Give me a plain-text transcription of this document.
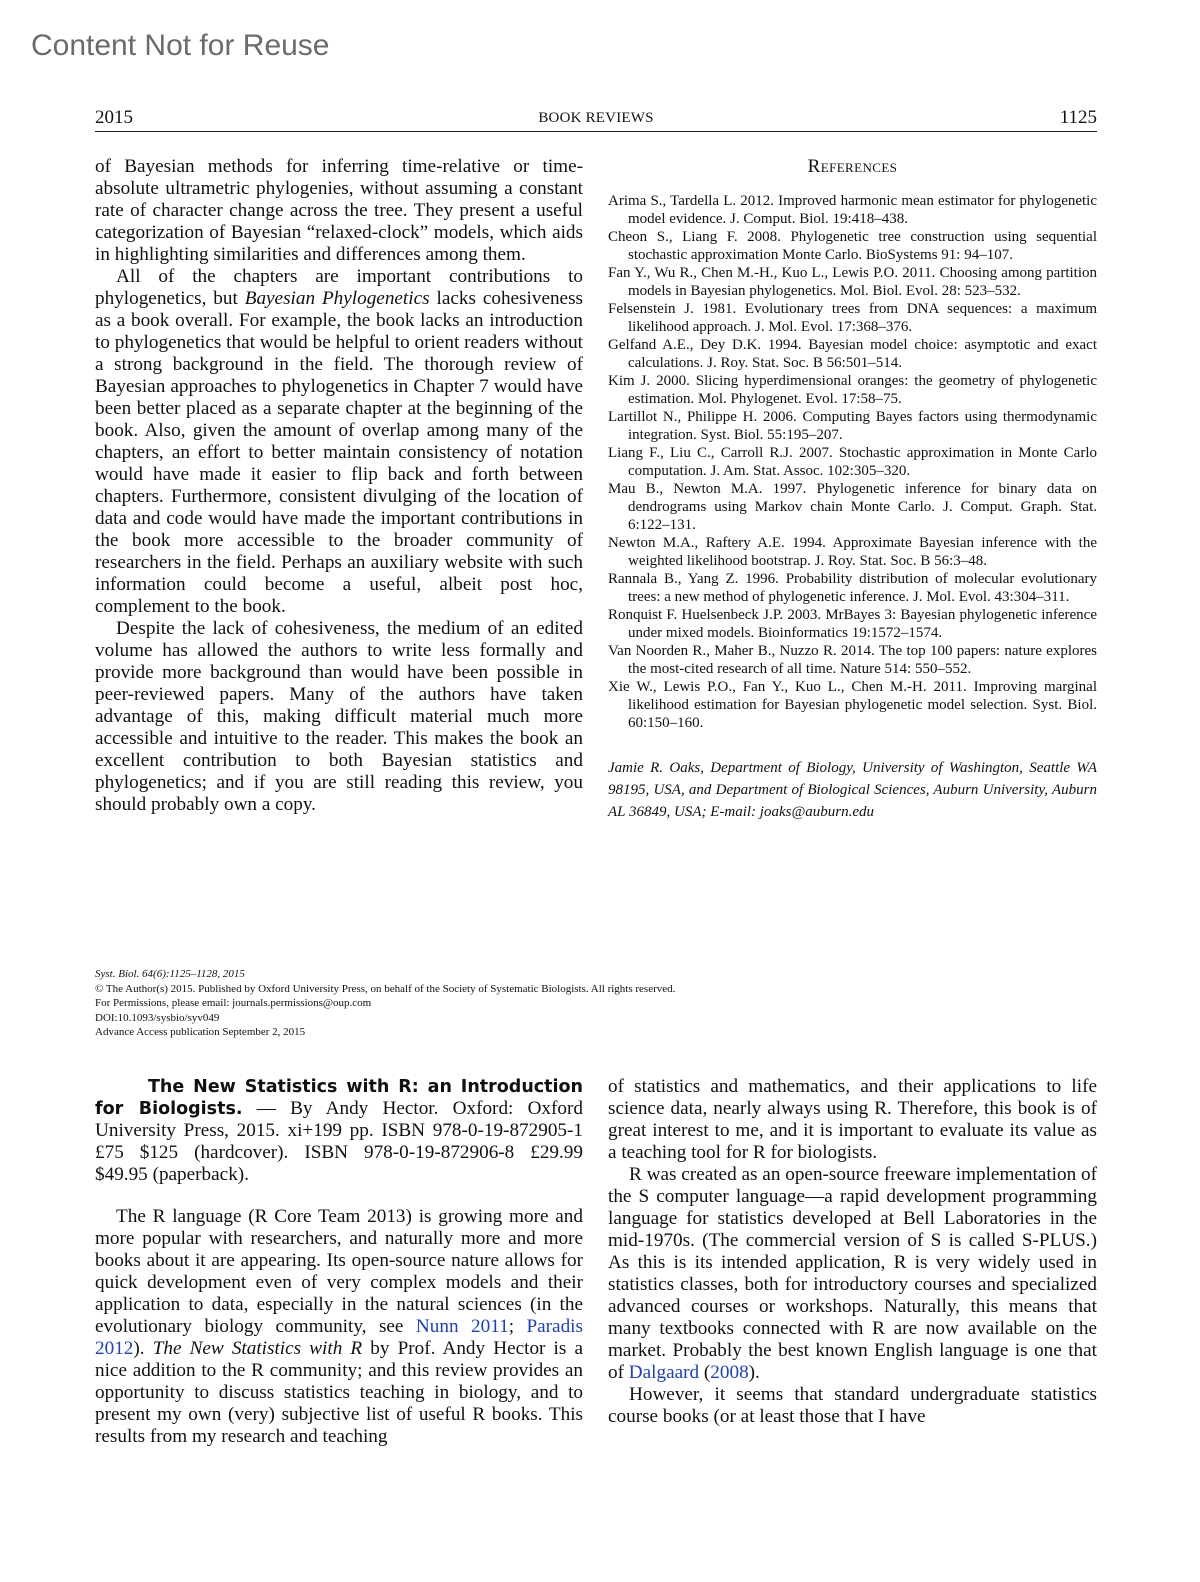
Content Not for Reuse
2015	BOOK REVIEWS	1125

of Bayesian methods for inferring time-relative or time-absolute ultrametric phylogenies, without assuming a constant rate of character change across the tree. They present a useful categorization of Bayesian “relaxed-clock” models, which aids in highlighting similarities and differences among them.

All of the chapters are important contributions to phylogenetics, but Bayesian Phylogenetics lacks cohesiveness as a book overall. For example, the book lacks an introduction to phylogenetics that would be helpful to orient readers without a strong background in the field. The thorough review of Bayesian approaches to phylogenetics in Chapter 7 would have been better placed as a separate chapter at the beginning of the book. Also, given the amount of overlap among many of the chapters, an effort to better maintain consistency of notation would have made it easier to flip back and forth between chapters. Furthermore, consistent divulging of the location of data and code would have made the important contributions in the book more accessible to the broader community of researchers in the field. Perhaps an auxiliary website with such information could become a useful, albeit post hoc, complement to the book.

Despite the lack of cohesiveness, the medium of an edited volume has allowed the authors to write less formally and provide more background than would have been possible in peer-reviewed papers. Many of the authors have taken advantage of this, making difficult material much more accessible and intuitive to the reader. This makes the book an excellent contribution to both Bayesian statistics and phylogenetics; and if you are still reading this review, you should probably own a copy.

References

Arima S., Tardella L. 2012. Improved harmonic mean estimator for phylogenetic model evidence. J. Comput. Biol. 19:418–438.

Cheon S., Liang F. 2008. Phylogenetic tree construction using sequential stochastic approximation Monte Carlo. BioSystems 91: 94–107.

Fan Y., Wu R., Chen M.-H., Kuo L., Lewis P.O. 2011. Choosing among partition models in Bayesian phylogenetics. Mol. Biol. Evol. 28: 523–532.

Felsenstein J. 1981. Evolutionary trees from DNA sequences: a maximum likelihood approach. J. Mol. Evol. 17:368–376.

Gelfand A.E., Dey D.K. 1994. Bayesian model choice: asymptotic and exact calculations. J. Roy. Stat. Soc. B 56:501–514.

Kim J. 2000. Slicing hyperdimensional oranges: the geometry of phylogenetic estimation. Mol. Phylogenet. Evol. 17:58–75.

Lartillot N., Philippe H. 2006. Computing Bayes factors using thermodynamic integration. Syst. Biol. 55:195–207.

Liang F., Liu C., Carroll R.J. 2007. Stochastic approximation in Monte Carlo computation. J. Am. Stat. Assoc. 102:305–320.

Mau B., Newton M.A. 1997. Phylogenetic inference for binary data on dendrograms using Markov chain Monte Carlo. J. Comput. Graph. Stat. 6:122–131.

Newton M.A., Raftery A.E. 1994. Approximate Bayesian inference with the weighted likelihood bootstrap. J. Roy. Stat. Soc. B 56:3–48.

Rannala B., Yang Z. 1996. Probability distribution of molecular evolutionary trees: a new method of phylogenetic inference. J. Mol. Evol. 43:304–311.

Ronquist F. Huelsenbeck J.P. 2003. MrBayes 3: Bayesian phylogenetic inference under mixed models. Bioinformatics 19:1572–1574.

Van Noorden R., Maher B., Nuzzo R. 2014. The top 100 papers: nature explores the most-cited research of all time. Nature 514: 550–552.

Xie W., Lewis P.O., Fan Y., Kuo L., Chen M.-H. 2011. Improving marginal likelihood estimation for Bayesian phylogenetic model selection. Syst. Biol. 60:150–160.

Jamie R. Oaks, Department of Biology, University of Washington, Seattle WA 98195, USA, and Department of Biological Sciences, Auburn University, Auburn AL 36849, USA; E-mail: joaks@auburn.edu
Syst. Biol. 64(6):1125–1128, 2015
© The Author(s) 2015. Published by Oxford University Press, on behalf of the Society of Systematic Biologists. All rights reserved.
For Permissions, please email: journals.permissions@oup.com
DOI:10.1093/sysbio/syv049
Advance Access publication September 2, 2015

The New Statistics with R: an Introduction for Biologists. — By Andy Hector. Oxford: Oxford University Press, 2015. xi+199 pp. ISBN 978-0-19-872905-1 £75 $125 (hardcover). ISBN 978-0-19-872906-8 £29.99 $49.95 (paperback).

The R language (R Core Team 2013) is growing more and more popular with researchers, and naturally more and more books about it are appearing. Its open-source nature allows for quick development even of very complex models and their application to data, especially in the natural sciences (in the evolutionary biology community, see Nunn 2011; Paradis 2012). The New Statistics with R by Prof. Andy Hector is a nice addition to the R community; and this review provides an opportunity to discuss statistics teaching in biology, and to present my own (very) subjective list of useful R books. This results from my research and teaching

of statistics and mathematics, and their applications to life science data, nearly always using R. Therefore, this book is of great interest to me, and it is important to evaluate its value as a teaching tool for R for biologists.

R was created as an open-source freeware implementation of the S computer language—a rapid development programming language for statistics developed at Bell Laboratories in the mid-1970s. (The commercial version of S is called S-PLUS.) As this is its intended application, R is very widely used in statistics classes, both for introductory courses and specialized advanced courses or workshops. Naturally, this means that many textbooks connected with R are now available on the market. Probably the best known English language is one that of Dalgaard (2008).

However, it seems that standard undergraduate statistics course books (or at least those that I have
